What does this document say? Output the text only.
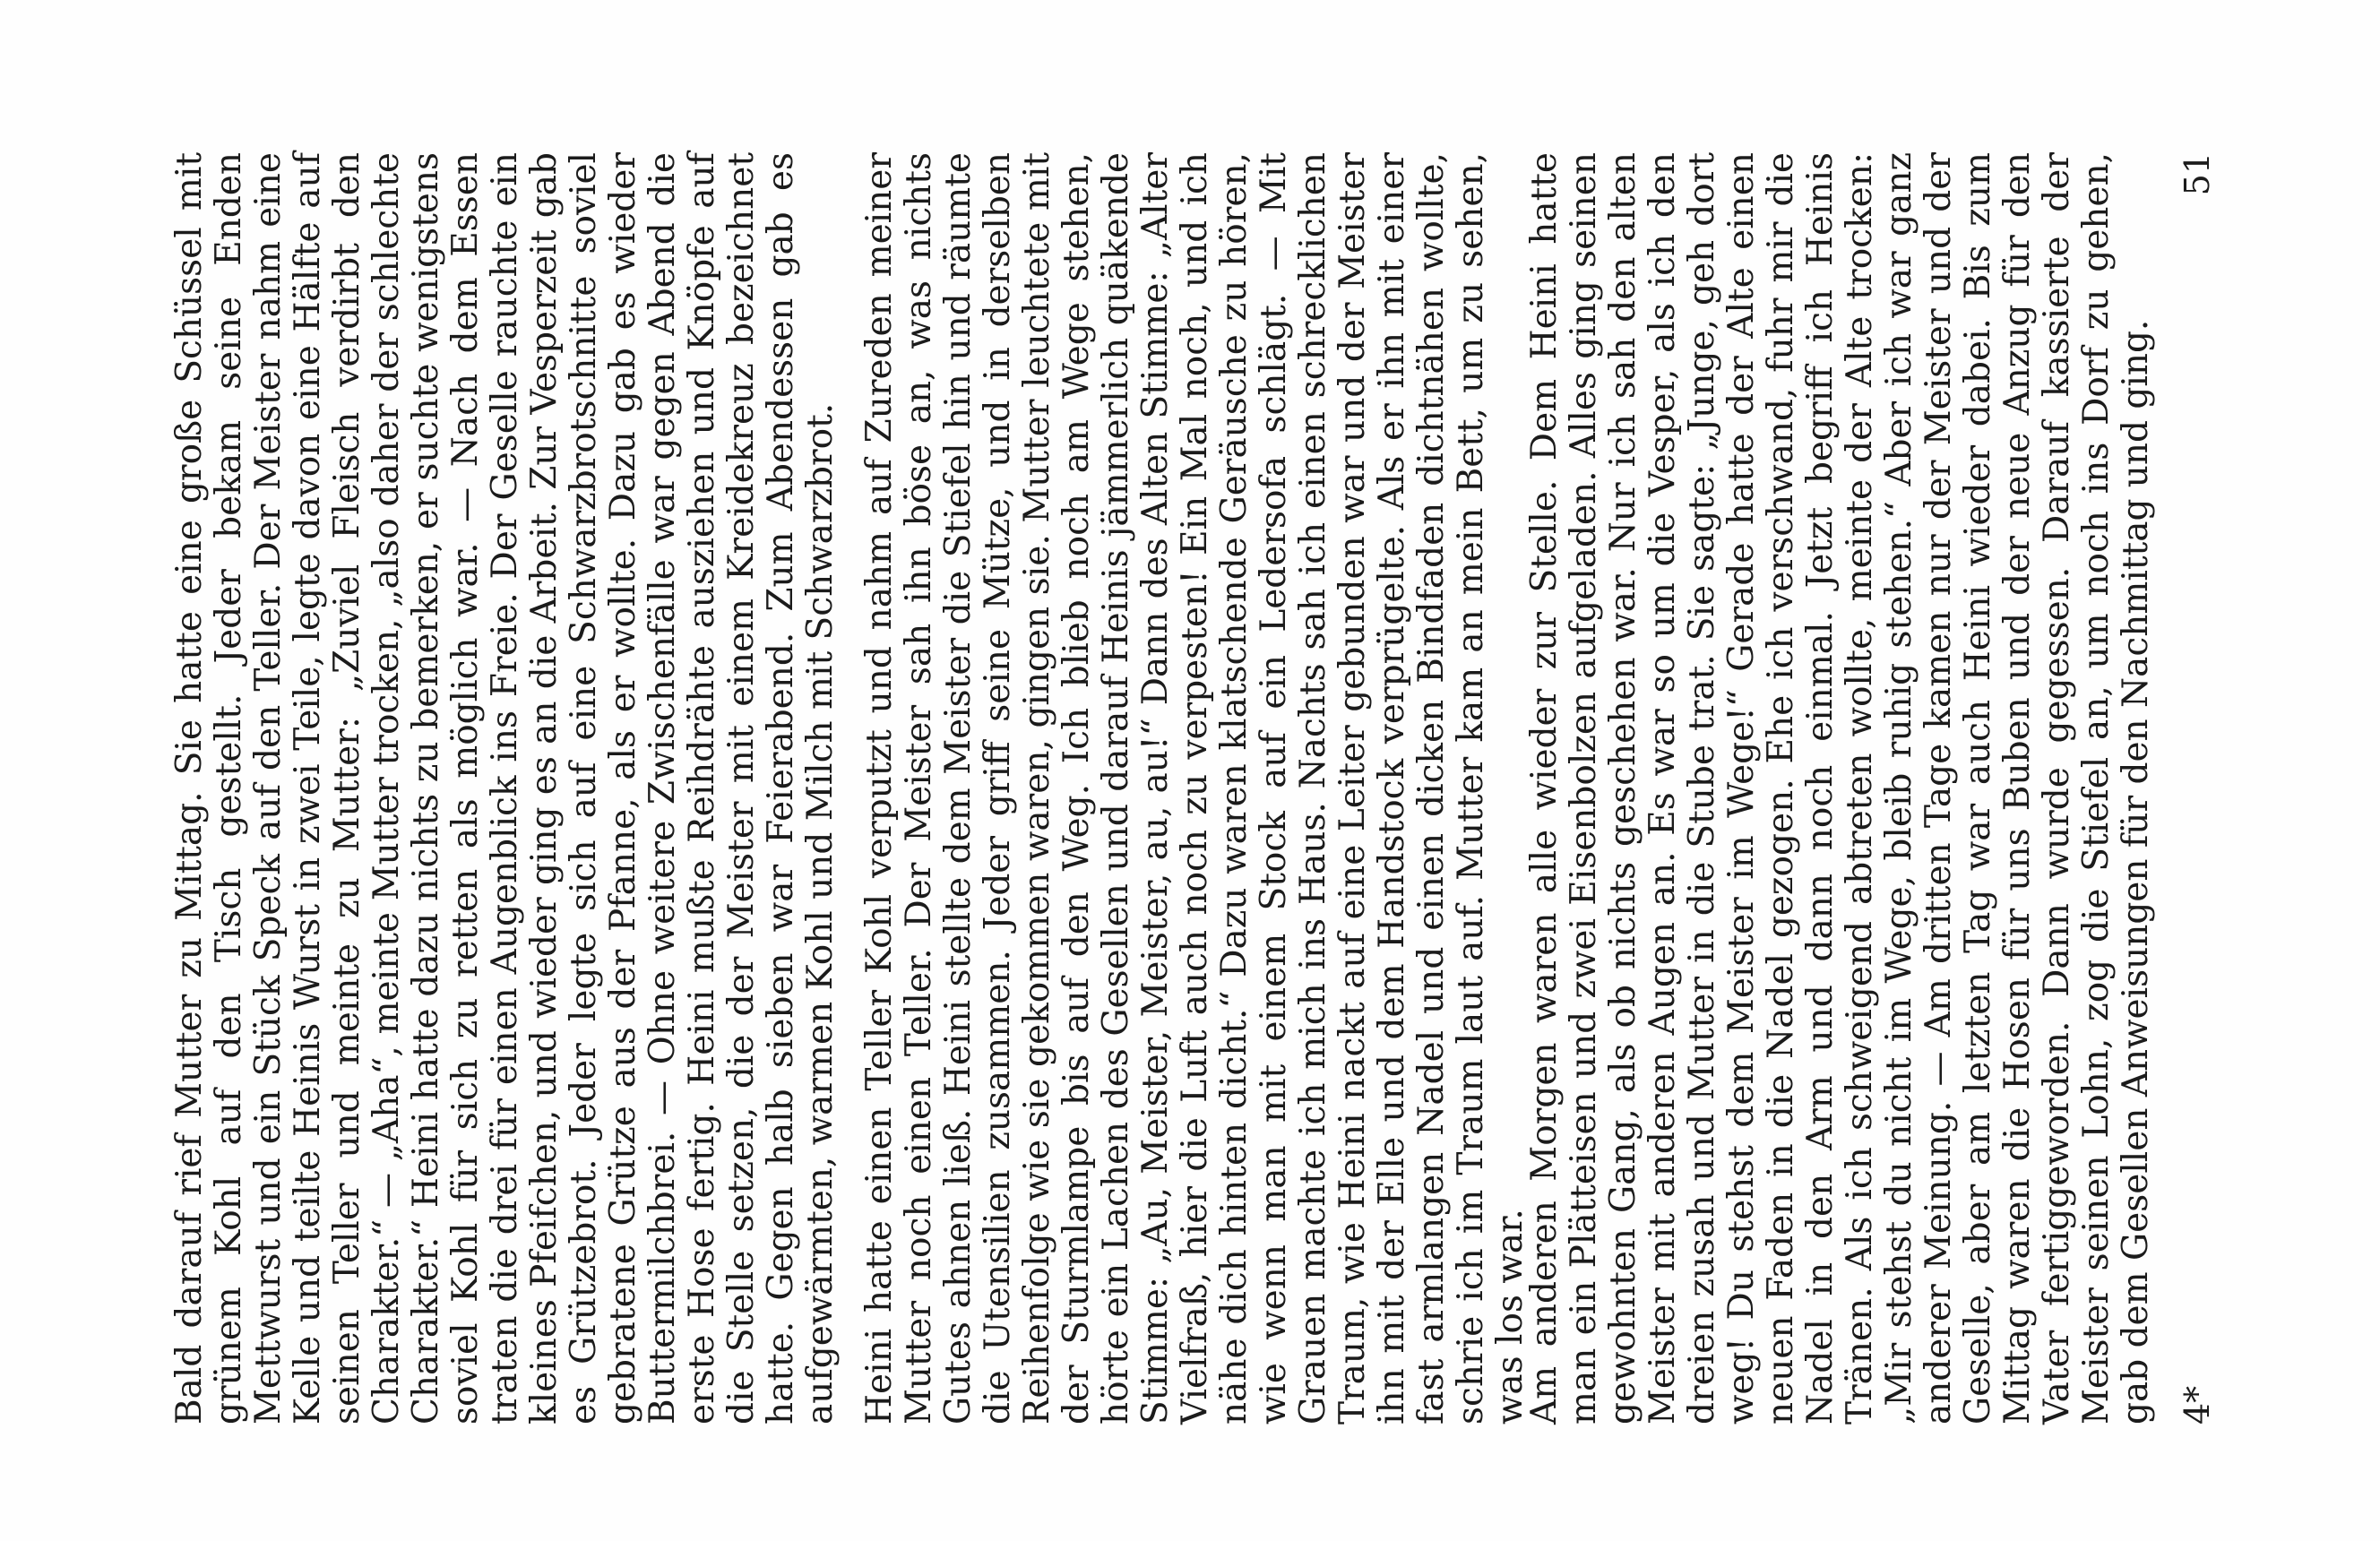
Bald darauf rief Mutter zu Mittag. Sie hatte eine große Schüssel mit grünem Kohl auf den Tisch gestellt. Jeder bekam seine Enden Mettwurst und ein Stück Speck auf den Teller. Der Meister nahm eine Kelle und teilte Heinis Wurst in zwei Teile, legte davon eine Hälfte auf seinen Teller und meinte zu Mutter: „Zuviel Fleisch verdirbt den Charakter.“ — „Aha“, meinte Mutter trocken, „also daher der schlechte Charakter.“ Heini hatte dazu nichts zu bemerken, er suchte wenigstens soviel Kohl für sich zu retten als möglich war. — Nach dem Essen traten die drei für einen Augenblick ins Freie. Der Geselle rauchte ein kleines Pfeifchen, und wieder ging es an die Arbeit. Zur Vesperzeit gab es Grützebrot. Jeder legte sich auf eine Schwarzbrotschnitte soviel gebratene Grütze aus der Pfanne, als er wollte. Dazu gab es wieder Buttermilchbrei. — Ohne weitere Zwischenfälle war gegen Abend die erste Hose fertig. Heini mußte Reihdrähte ausziehen und Knöpfe auf die Stelle setzen, die der Meister mit einem Kreidekreuz bezeichnet hatte. Gegen halb sieben war Feierabend. Zum Abendessen gab es aufgewärmten, warmen Kohl und Milch mit Schwarzbrot. Heini hatte einen Teller Kohl verputzt und nahm auf Zureden meiner Mutter noch einen Teller. Der Meister sah ihn böse an, was nichts Gutes ahnen ließ. Heini stellte dem Meister die Stiefel hin und räumte die Utensilien zusammen. Jeder griff seine Mütze, und in derselben Reihenfolge wie sie gekommen waren, gingen sie. Mutter leuchtete mit der Sturmlampe bis auf den Weg. Ich blieb noch am Wege stehen, hörte ein Lachen des Gesellen und darauf Heinis jämmerlich quäkende Stimme: „Au, Meister, Meister, au, au!“ Dann des Alten Stimme: „Alter Vielfraß, hier die Luft auch noch zu verpesten! Ein Mal noch, und ich nähe dich hinten dicht.“ Dazu waren klatschende Geräusche zu hören, wie wenn man mit einem Stock auf ein Ledersofa schlägt. — Mit Grauen machte ich mich ins Haus. Nachts sah ich einen schrecklichen Traum, wie Heini nackt auf eine Leiter gebunden war und der Meister ihn mit der Elle und dem Handstock verprügelte. Als er ihn mit einer fast armlangen Nadel und einen dicken Bindfaden dichtnähen wollte, schrie ich im Traum laut auf. Mutter kam an mein Bett, um zu sehen, was los war.

Am anderen Morgen waren alle wieder zur Stelle. Dem Heini hatte man ein Plätteisen und zwei Eisenbolzen aufgeladen. Alles ging seinen gewohnten Gang, als ob nichts geschehen war. Nur ich sah den alten Meister mit anderen Augen an. Es war so um die Vesper, als ich den dreien zusah und Mutter in die Stube trat. Sie sagte: „Junge, geh dort weg! Du stehst dem Meister im Wege!“ Gerade hatte der Alte einen neuen Faden in die Nadel gezogen. Ehe ich verschwand, fuhr mir die Nadel in den Arm und dann noch einmal. Jetzt begriff ich Heinis Tränen. Als ich schweigend abtreten wollte, meinte der Alte trocken: „Mir stehst du nicht im Wege, bleib ruhig stehen.“ Aber ich war ganz anderer Meinung. — Am dritten Tage kamen nur der Meister und der Geselle, aber am letzten Tag war auch Heini wieder dabei. Bis zum Mittag waren die Hosen für uns Buben und der neue Anzug für den Vater fertiggeworden. Dann wurde gegessen. Darauf kassierte der Meister seinen Lohn, zog die Stiefel an, um noch ins Dorf zu gehen, gab dem Gesellen Anweisungen für den Nachmittag und ging. 4*
51
